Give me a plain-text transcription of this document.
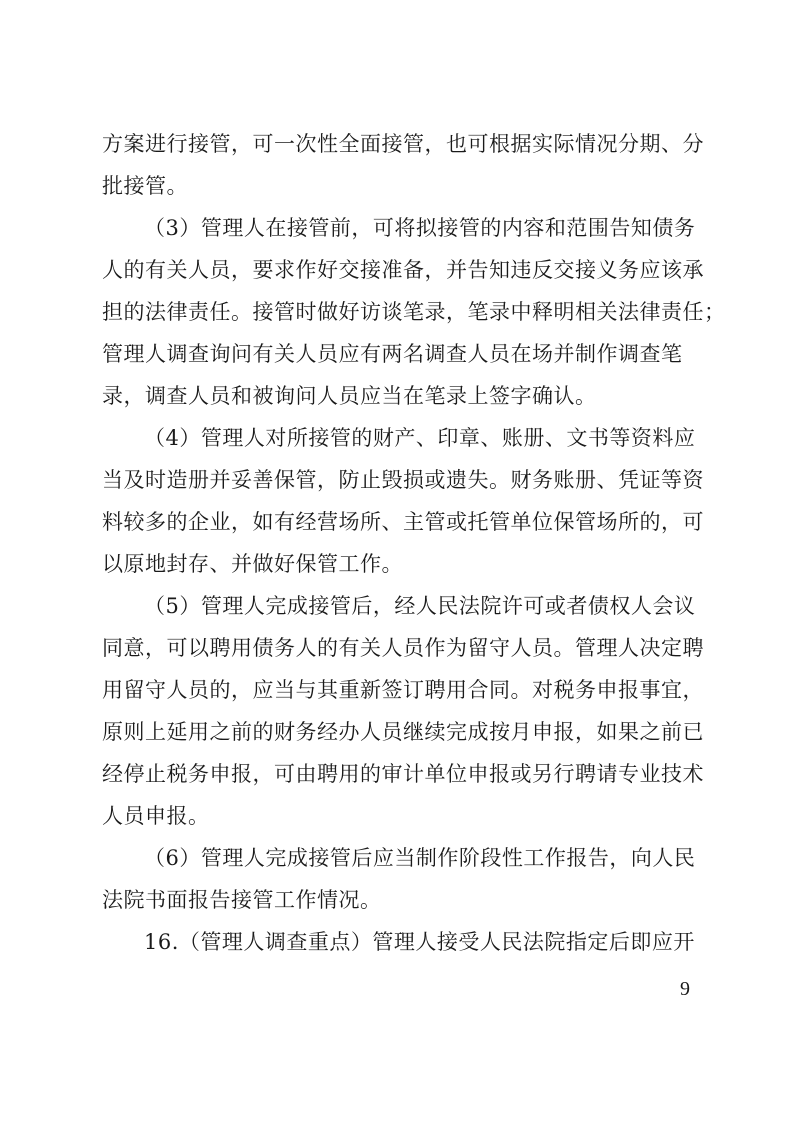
方案进行接管，可一次性全面接管，也可根据实际情况分期、分
批接管。
（3）管理人在接管前，可将拟接管的内容和范围告知债务
人的有关人员，要求作好交接准备，并告知违反交接义务应该承
担的法律责任。接管时做好访谈笔录，笔录中释明相关法律责任；
管理人调查询问有关人员应有两名调查人员在场并制作调查笔
录，调查人员和被询问人员应当在笔录上签字确认。
（4）管理人对所接管的财产、印章、账册、文书等资料应
当及时造册并妥善保管，防止毁损或遗失。财务账册、凭证等资
料较多的企业，如有经营场所、主管或托管单位保管场所的，可
以原地封存、并做好保管工作。
（5）管理人完成接管后，经人民法院许可或者债权人会议
同意，可以聘用债务人的有关人员作为留守人员。管理人决定聘
用留守人员的，应当与其重新签订聘用合同。对税务申报事宜，
原则上延用之前的财务经办人员继续完成按月申报，如果之前已
经停止税务申报，可由聘用的审计单位申报或另行聘请专业技术
人员申报。
（6）管理人完成接管后应当制作阶段性工作报告，向人民
法院书面报告接管工作情况。
16.（管理人调查重点）管理人接受人民法院指定后即应开
9
